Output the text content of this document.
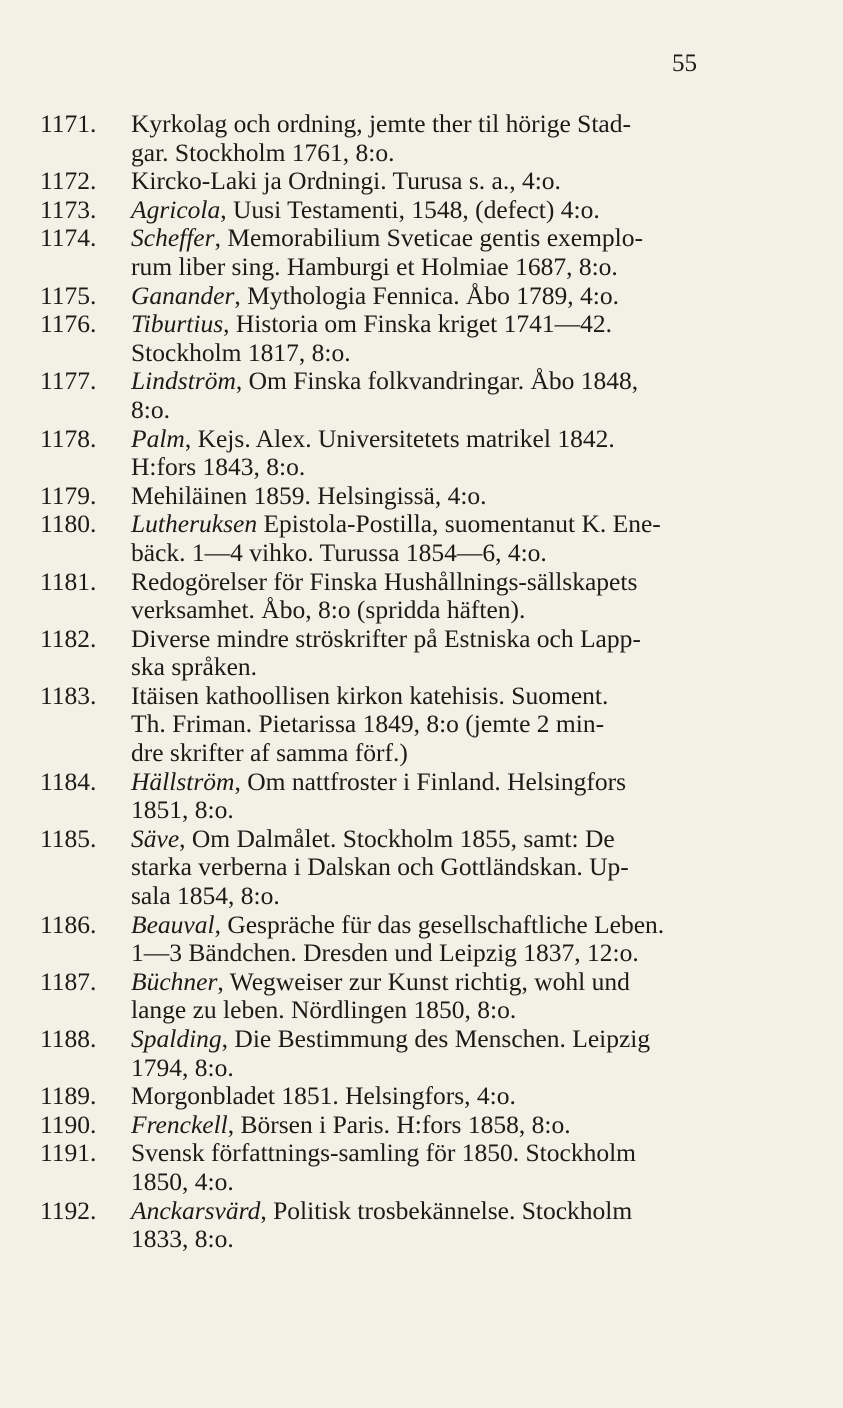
55
1171.	Kyrkolag och ordning, jemte ther til hörige Stad-
gar. Stockholm 1761, 8:o.
1172.	Kircko-Laki ja Ordningi. Turusa s. a., 4:o.
1173.	Agricola, Uusi Testamenti, 1548, (defect) 4:o.
1174.	Scheffer, Memorabilium Sveticae gentis exemplo-
rum liber sing. Hamburgi et Holmiae 1687, 8:o.
1175.	Ganander, Mythologia Fennica. Åbo 1789, 4:o.
1176.	Tiburtius, Historia om Finska kriget 1741—42.
Stockholm 1817, 8:o.
1177.	Lindström, Om Finska folkvandringar. Åbo 1848,
8:o.
1178.	Palm, Kejs. Alex. Universitetets matrikel 1842.
H:fors 1843, 8:o.
1179.	Mehiläinen 1859. Helsingissä, 4:o.
1180.	Lutheruksen Epistola-Postilla, suomentanut K. Ene-
bäck. 1—4 vihko. Turussa 1854—6, 4:o.
1181.	Redogörelser för Finska Hushållnings-sällskapets
verksamhet. Åbo, 8:o (spridda häften).
1182.	Diverse mindre ströskrifter på Estniska och Lapp-
ska språken.
1183.	Itäisen kathoollisen kirkon katehisis. Suoment.
Th. Friman. Pietarissa 1849, 8:o (jemte 2 min-
dre skrifter af samma förf.)
1184.	Hällström, Om nattfroster i Finland. Helsingfors
1851, 8:o.
1185.	Säve, Om Dalmålet. Stockholm 1855, samt: De
starka verberna i Dalskan och Gottländskan. Up-
sala 1854, 8:o.
1186.	Beauval, Gespräche für das gesellschaftliche Leben.
1—3 Bändchen. Dresden und Leipzig 1837, 12:o.
1187.	Büchner, Wegweiser zur Kunst richtig, wohl und
lange zu leben. Nördlingen 1850, 8:o.
1188.	Spalding, Die Bestimmung des Menschen. Leipzig
1794, 8:o.
1189.	Morgonbladet 1851. Helsingfors, 4:o.
1190.	Frenckell, Börsen i Paris. H:fors 1858, 8:o.
1191.	Svensk författnings-samling för 1850. Stockholm
1850, 4:o.
1192.	Anckarsvärd, Politisk trosbekännelse. Stockholm
1833, 8:o.
